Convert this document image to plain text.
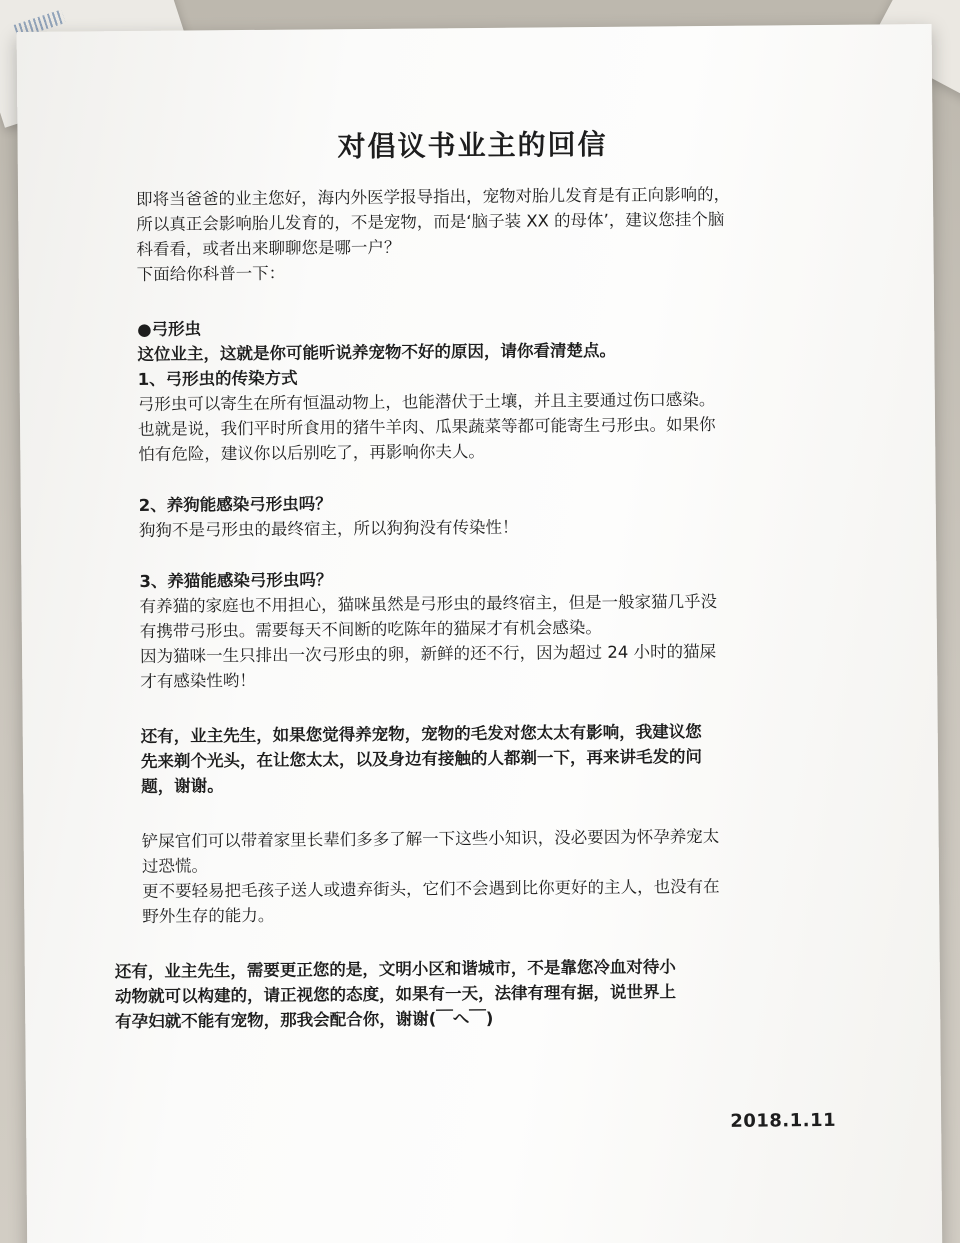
对倡议书业主的回信

即将当爸爸的业主您好，海内外医学报导指出，宠物对胎儿发育是有正向影响的，

所以真正会影响胎儿发育的，不是宠物，而是‘脑子装 XX 的母体’，建议您挂个脑

科看看，或者出来聊聊您是哪一户？

下面给你科普一下：

●弓形虫

这位业主，这就是你可能听说养宠物不好的原因，请你看清楚点。

1、弓形虫的传染方式

弓形虫可以寄生在所有恒温动物上，也能潜伏于土壤，并且主要通过伤口感染。

也就是说，我们平时所食用的猪牛羊肉、瓜果蔬菜等都可能寄生弓形虫。如果你

怕有危险，建议你以后别吃了，再影响你夫人。

2、养狗能感染弓形虫吗？

狗狗不是弓形虫的最终宿主，所以狗狗没有传染性！

3、养猫能感染弓形虫吗？

有养猫的家庭也不用担心，猫咪虽然是弓形虫的最终宿主，但是一般家猫几乎没

有携带弓形虫。需要每天不间断的吃陈年的猫屎才有机会感染。

因为猫咪一生只排出一次弓形虫的卵，新鲜的还不行，因为超过 24 小时的猫屎

才有感染性哟！

还有，业主先生，如果您觉得养宠物，宠物的毛发对您太太有影响，我建议您

先来剃个光头，在让您太太，以及身边有接触的人都剃一下，再来讲毛发的问

题，谢谢。

铲屎官们可以带着家里长辈们多多了解一下这些小知识，没必要因为怀孕养宠太

过恐慌。

更不要轻易把毛孩子送人或遗弃街头，它们不会遇到比你更好的主人，也没有在

野外生存的能力。

还有，业主先生，需要更正您的是，文明小区和谐城市，不是靠您冷血对待小

动物就可以构建的，请正视您的态度，如果有一天，法律有理有据，说世界上

有孕妇就不能有宠物，那我会配合你，谢谢(￣へ￣)

2018.1.11
